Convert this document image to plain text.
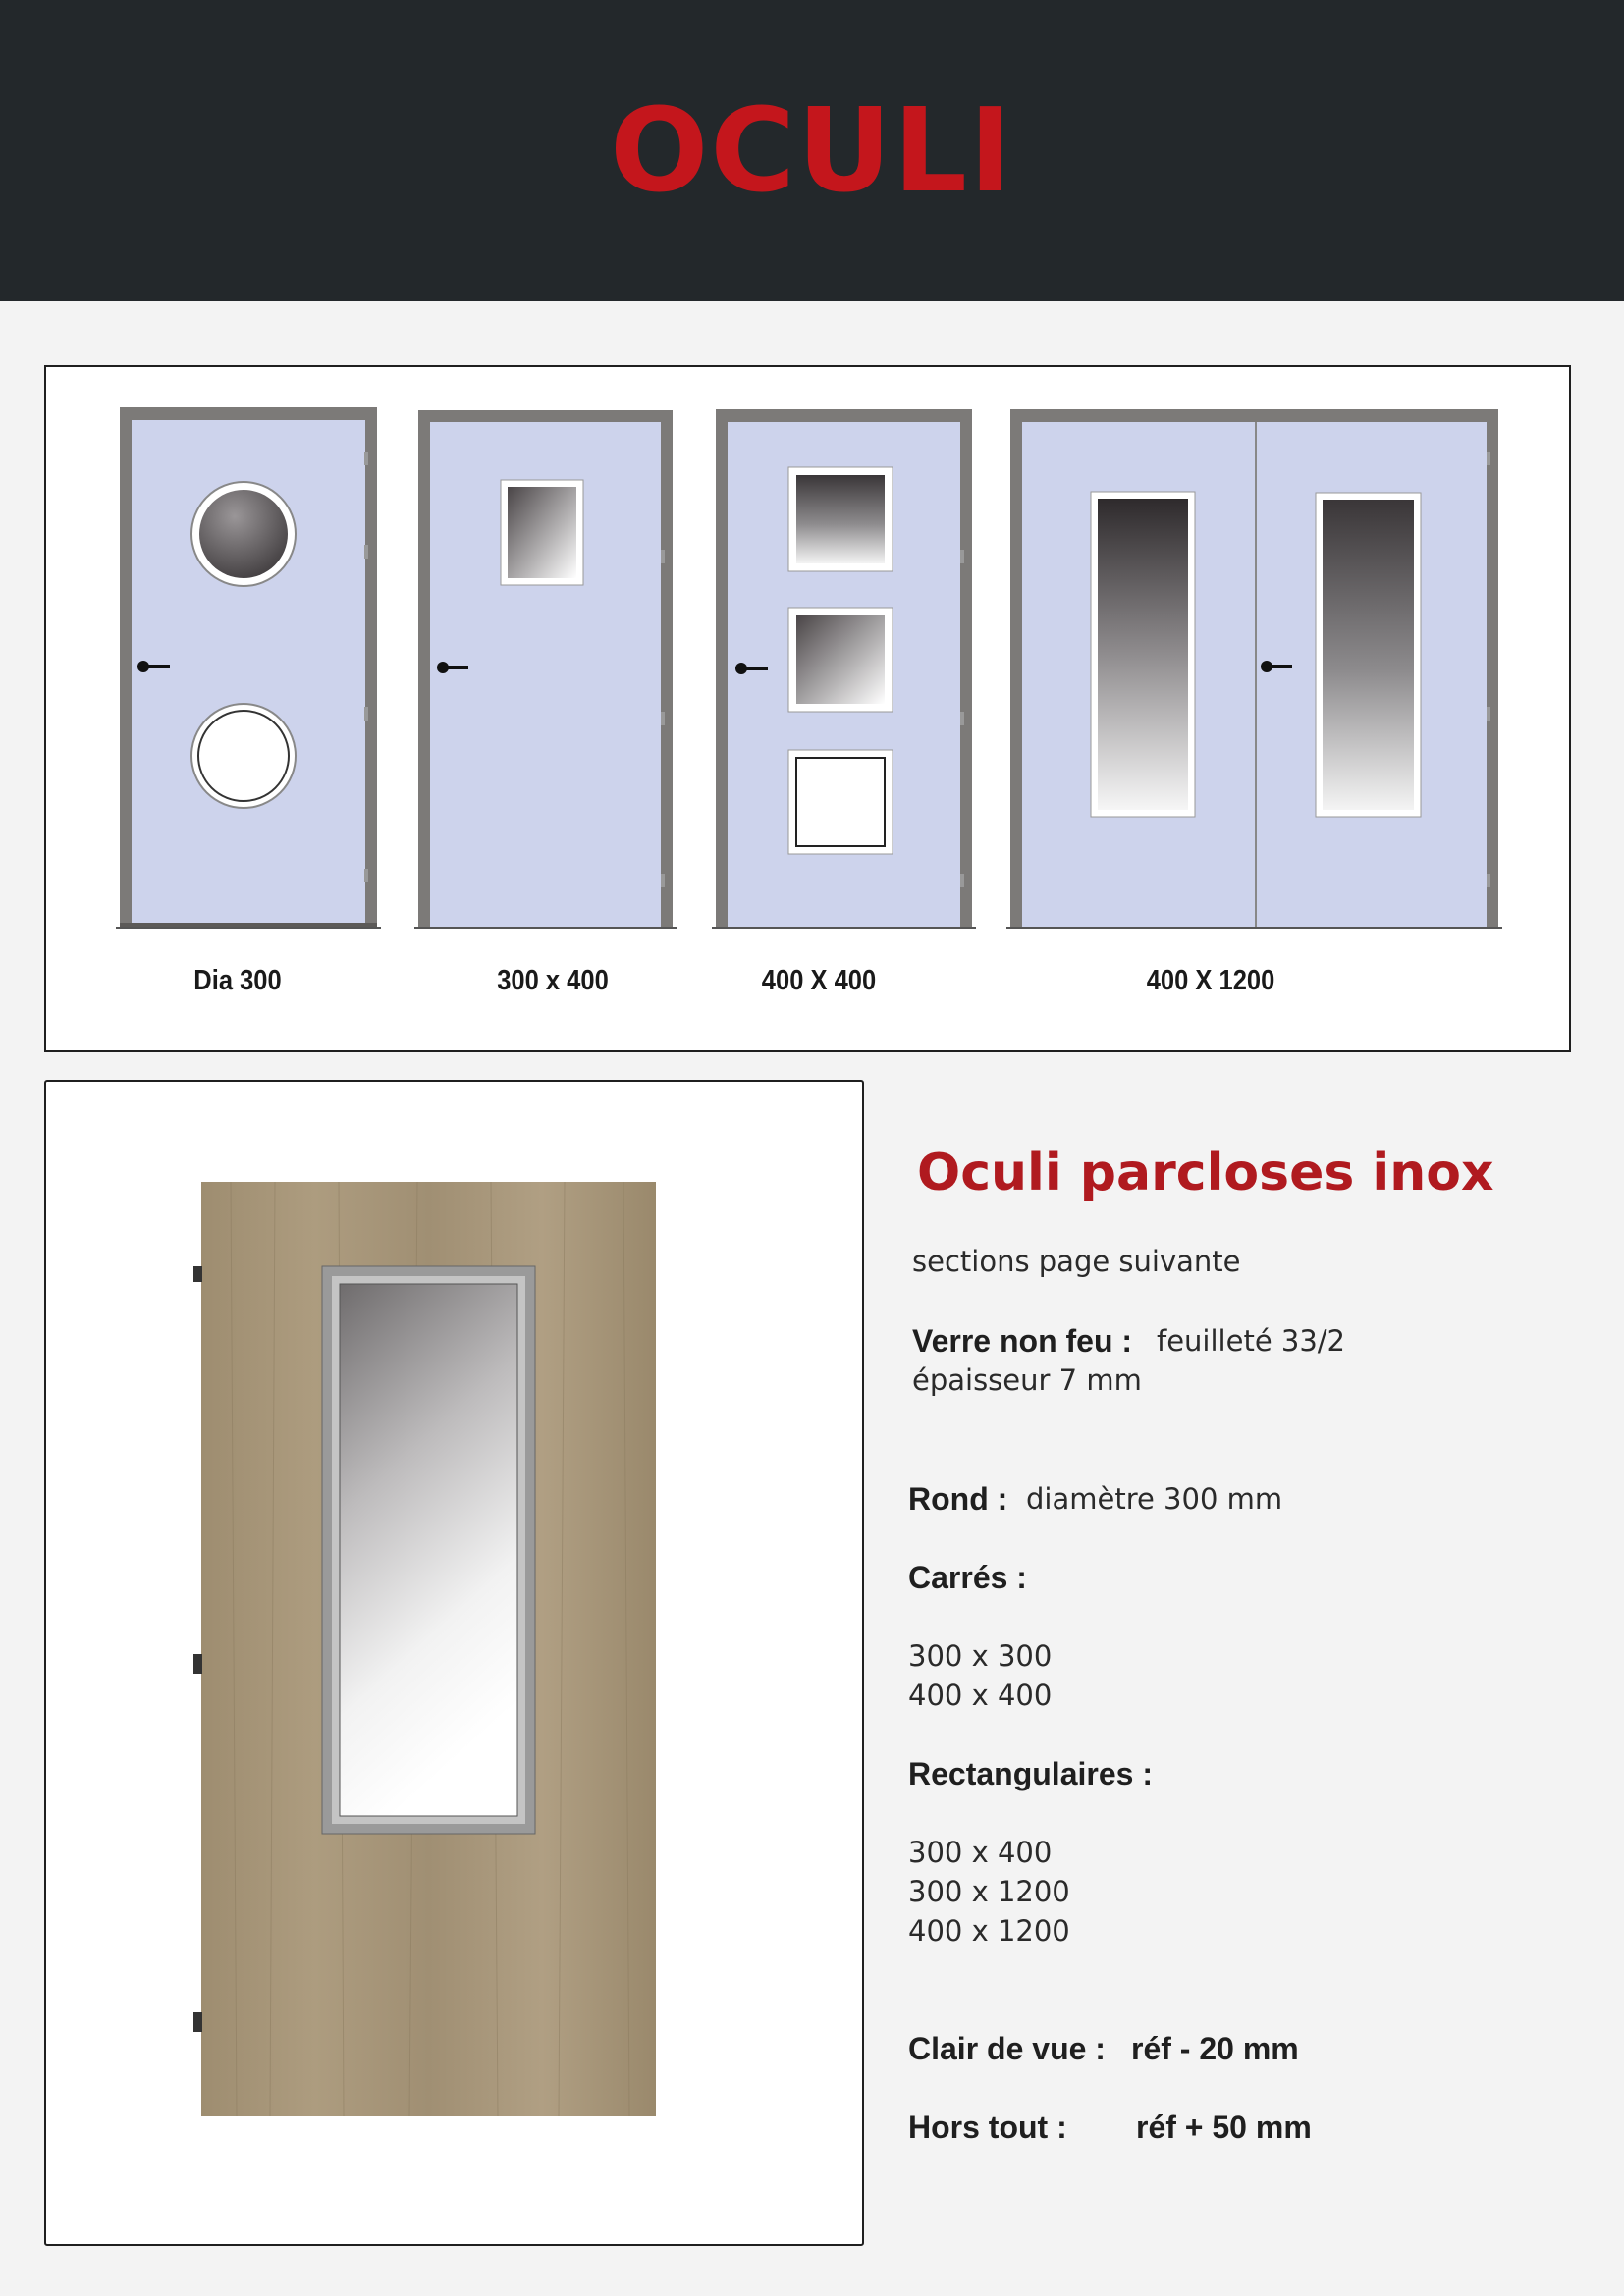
OCULI
Dia 300	300 x 400	400 X 400	400 X 1200
Oculi parcloses inox
sections page suivante
Verre non feu : feuilleté 33/2
épaisseur 7 mm
Rond : diamètre 300 mm
Carrés :
300 x 300
400 x 400
Rectangulaires :
300 x 400
300 x 1200
400 x 1200
Clair de vue : réf - 20 mm
Hors tout : réf + 50 mm
